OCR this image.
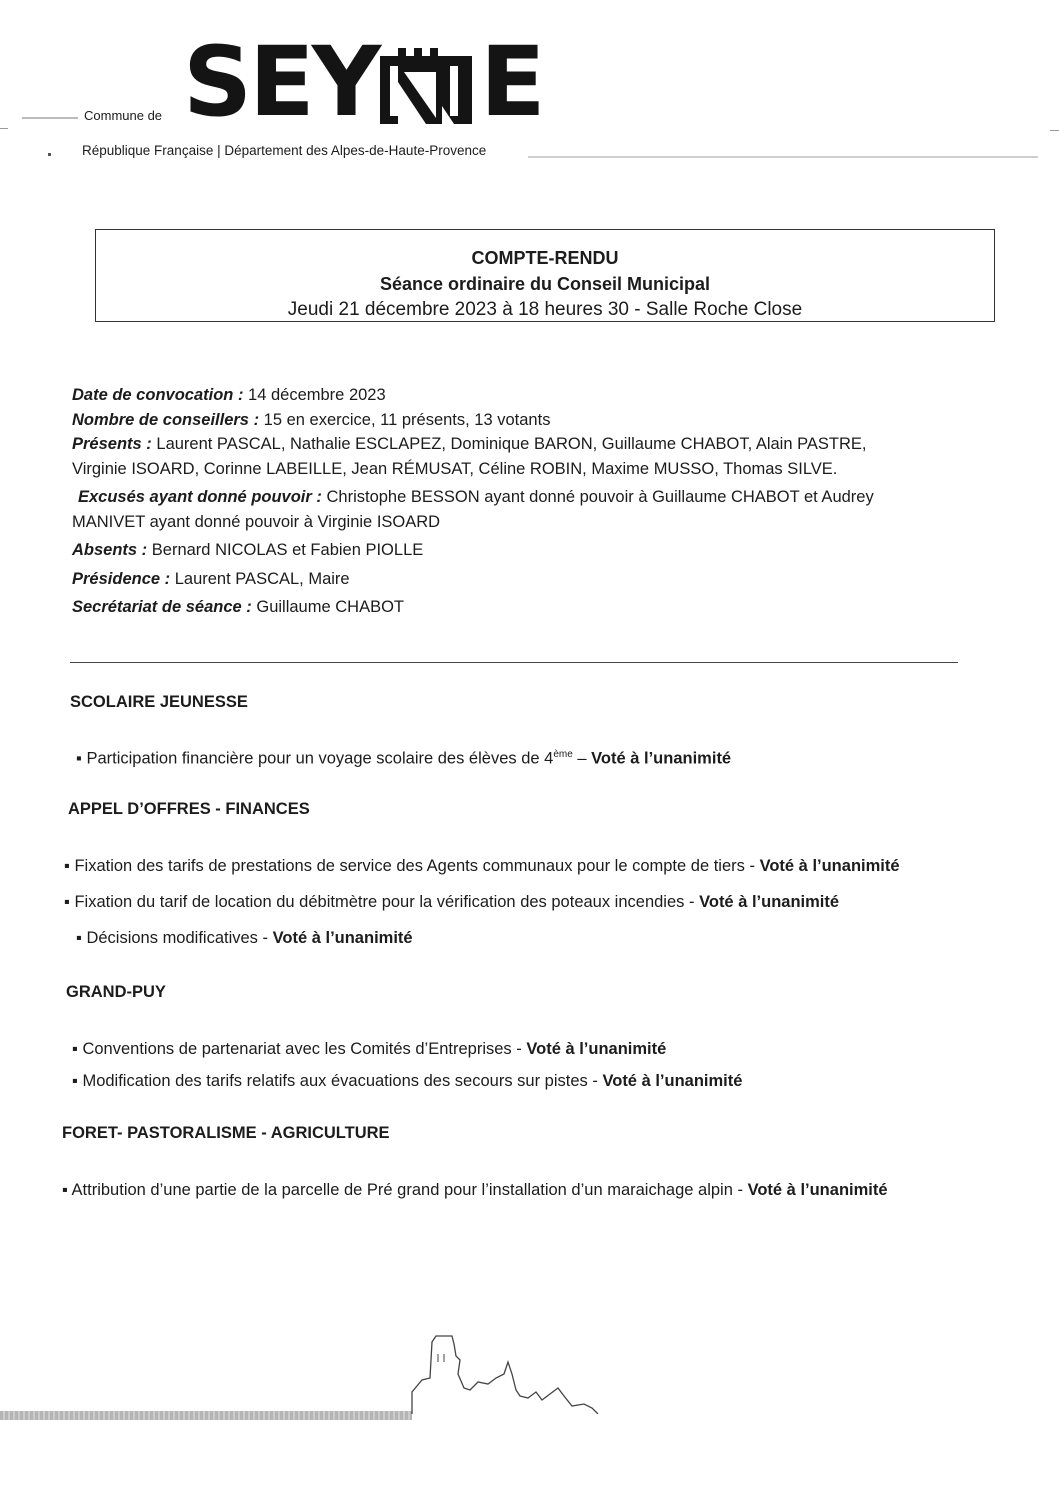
Commune de SEY E
République Française | Département des Alpes-de-Haute-Provence
COMPTE-RENDU
Séance ordinaire du Conseil Municipal
Jeudi 21 décembre 2023 à 18 heures 30 - Salle Roche Close

Date de convocation : 14 décembre 2023

Nombre de conseillers : 15 en exercice, 11 présents, 13 votants

Présents : Laurent PASCAL, Nathalie ESCLAPEZ, Dominique BARON, Guillaume CHABOT, Alain PASTRE,

Virginie ISOARD, Corinne LABEILLE, Jean RÉMUSAT, Céline ROBIN, Maxime MUSSO, Thomas SILVE.

Excusés ayant donné pouvoir : Christophe BESSON ayant donné pouvoir à Guillaume CHABOT et Audrey

MANIVET ayant donné pouvoir à Virginie ISOARD

Absents : Bernard NICOLAS et Fabien PIOLLE

Présidence : Laurent PASCAL, Maire

Secrétariat de séance : Guillaume CHABOT

SCOLAIRE JEUNESSE

▪ Participation financière pour un voyage scolaire des élèves de 4ème – Voté à l’unanimité

APPEL D’OFFRES - FINANCES

▪ Fixation des tarifs de prestations de service des Agents communaux pour le compte de tiers - Voté à l’unanimité

▪ Fixation du tarif de location du débitmètre pour la vérification des poteaux incendies - Voté à l’unanimité

▪ Décisions modificatives - Voté à l’unanimité

GRAND-PUY

▪ Conventions de partenariat avec les Comités d’Entreprises - Voté à l’unanimité

▪ Modification des tarifs relatifs aux évacuations des secours sur pistes - Voté à l’unanimité

FORET- PASTORALISME - AGRICULTURE

▪ Attribution d’une partie de la parcelle de Pré grand pour l’installation d’un maraichage alpin - Voté à l’unanimité
